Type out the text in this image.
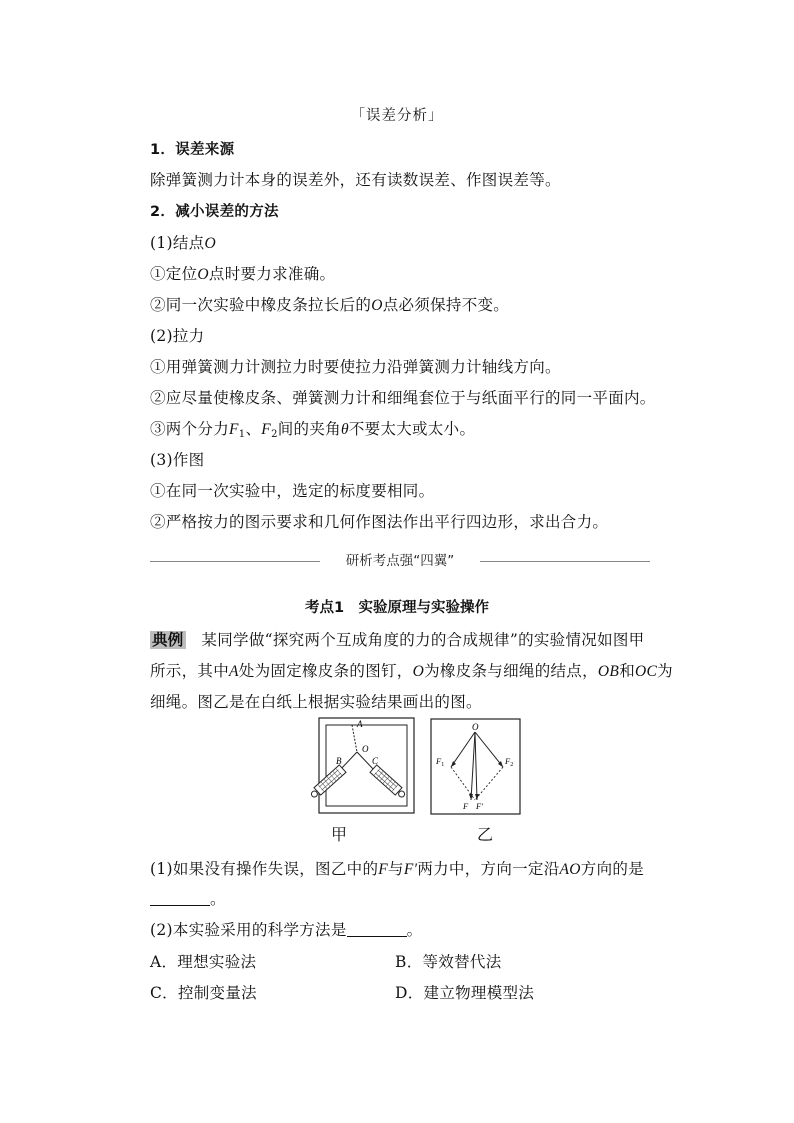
「误差分析」
1．误差来源
除弹簧测力计本身的误差外，还有读数误差、作图误差等。
2．减小误差的方法
(1)结点O
①定位O点时要力求准确。
②同一次实验中橡皮条拉长后的O点必须保持不变。
(2)拉力
①用弹簧测力计测拉力时要使拉力沿弹簧测力计轴线方向。
②应尽量使橡皮条、弹簧测力计和细绳套位于与纸面平行的同一平面内。
③两个分力$F_1$、$F_2$间的夹角θ不要太大或太小。
(3)作图
①在同一次实验中，选定的标度要相同。
②严格按力的图示要求和几何作图法作出平行四边形，求出合力。
研析考点强“四翼”
考点1　实验原理与实验操作
典例　 某同学做“探究两个互成角度的力的合成规律”的实验情况如图甲
所示，其中A处为固定橡皮条的图钉，O为橡皮条与细绳的结点，OB和OC为
细绳。图乙是在白纸上根据实验结果画出的图。
A
O
B	C
甲
O
$F_1$	$F_2$
F F′
乙
(1)如果没有操作失误，图乙中的F与F′两力中，方向一定沿AO方向的是
。
(2)本实验采用的科学方法是	。
A．理想实验法	B．等效替代法
C．控制变量法	D．建立物理模型法
